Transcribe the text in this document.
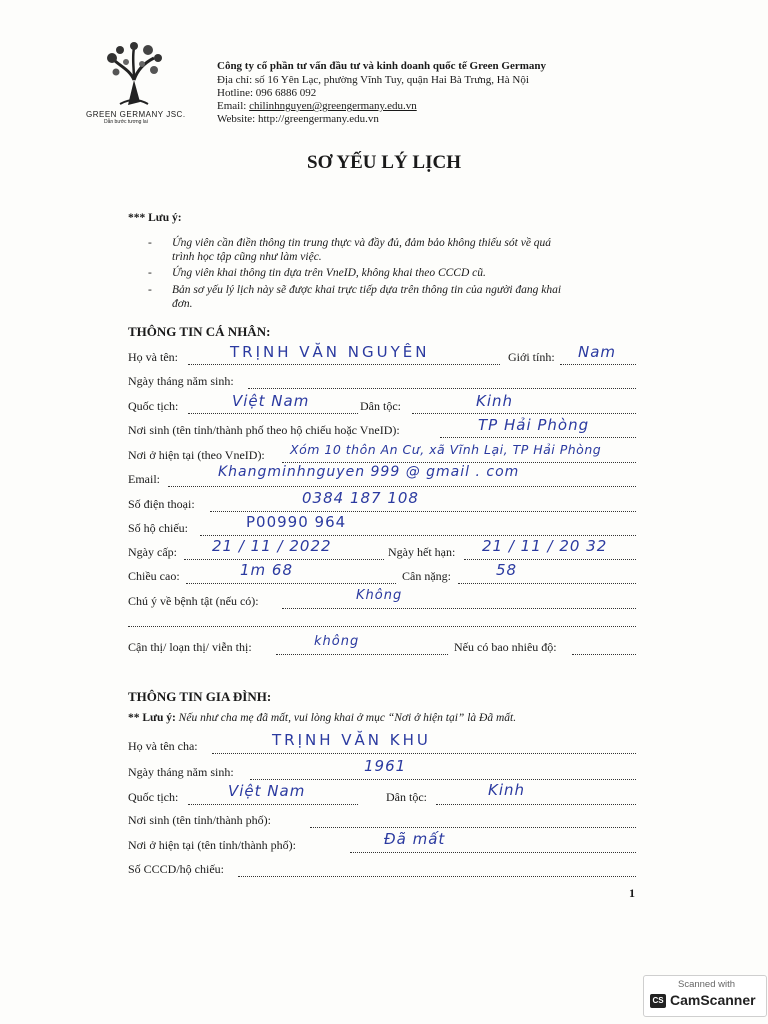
GREEN GERMANY JSC.
Dẫn bước tương lai
Công ty cổ phần tư vấn đầu tư và kinh doanh quốc tế Green Germany
Địa chỉ: số 16 Yên Lạc, phường Vĩnh Tuy, quận Hai Bà Trưng, Hà Nội
Hotline: 096 6886 092
Email: chilinhnguyen@greengermany.edu.vn
Website: http://greengermany.edu.vn
SƠ YẾU LÝ LỊCH
*** Lưu ý:
- Ứng viên cần điền thông tin trung thực và đầy đủ, đảm bảo không thiếu sót về quá
trình học tập cũng như làm việc.
- Ứng viên khai thông tin dựa trên VneID, không khai theo CCCD cũ.
- Bản sơ yếu lý lịch này sẽ được khai trực tiếp dựa trên thông tin của người đang khai
đơn.
THÔNG TIN CÁ NHÂN:
Họ và tên:	TRỊNH VĂN NGUYÊN	Giới tính: Nam
Ngày tháng năm sinh:
Quốc tịch:	Việt Nam	Dân tộc:	Kinh
Nơi sinh (tên tỉnh/thành phố theo hộ chiếu hoặc VneID):	TP Hải Phòng
Nơi ở hiện tại (theo VneID): Xóm 10 thôn An Cư, xã Vĩnh Lại, TP Hải Phòng
Email:	Khangminhnguyen 999 @ gmail . com
Số điện thoại:	0384 187 108
Số hộ chiếu:	P00990 964
Ngày cấp: 21 / 11 / 2022	Ngày hết hạn: 21 / 11 / 20 32
Chiều cao:	1m 68	Cân nặng:	58
Chú ý về bệnh tật (nếu có):	Không
Cận thị/ loạn thị/ viễn thị:	không	Nếu có bao nhiêu độ:
THÔNG TIN GIA ĐÌNH:
** Lưu ý: Nếu như cha mẹ đã mất, vui lòng khai ở mục “Nơi ở hiện tại” là Đã mất.
Họ và tên cha:	TRỊNH VĂN KHU
Ngày tháng năm sinh:	1961
Quốc tịch:	Việt Nam	Dân tộc:	Kinh
Nơi sinh (tên tỉnh/thành phố):
Nơi ở hiện tại (tên tỉnh/thành phố):	Đã mất
Số CCCD/hộ chiếu:
1
Scanned with
CS CamScanner
